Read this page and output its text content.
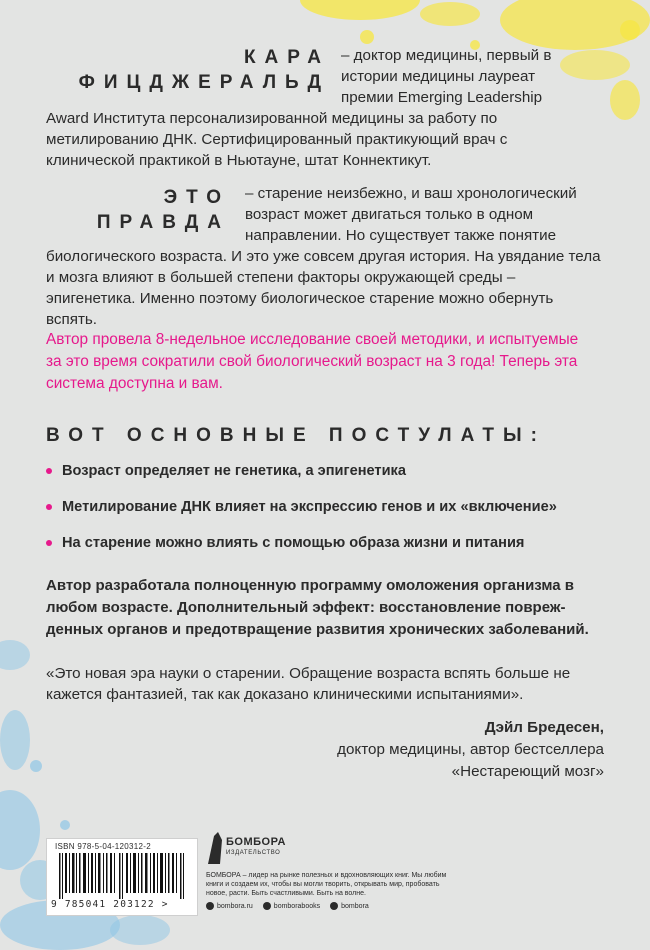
КАРА
ФИЦДЖЕРАЛЬД
– доктор медицины, первый в
истории медицины лауреат
премии Emerging Leadership

Award Института персонализированной медицины за работу по метилированию ДНК. Сертифицированный практикующий врач с клинической практикой в Ньютауне, штат Коннектикут.

ЭТО
ПРАВДА
– старение неизбежно, и ваш хронологический
возраст может двигаться только в одном
направлении. Но существует также понятие

биологического возраста. И это уже совсем другая история. На увядание тела и мозга влияют в большей степени факторы окружающей среды – эпигенетика. Именно поэтому биологическое старение можно обернуть вспять.

Автор провела 8-недельное исследование своей методики, и испытуемые за это время сократили свой биологический возраст на 3 года! Теперь эта система доступна и вам.

ВОТ ОСНОВНЫЕ ПОСТУЛАТЫ:
Возраст определяет не генетика, а эпигенетика
Метилирование ДНК влияет на экспрессию генов и их «включение»
На старение можно влиять с помощью образа жизни и питания

Автор разработала полноценную программу омоложения организма в любом возрасте. Дополнительный эффект: восстановление повреж-денных органов и предотвращение развития хронических заболеваний.

«Это новая эра науки о старении. Обращение возраста вспять больше не кажется фантазией, так как доказано клиническими испытаниями».

Дэйл Бредесен,
доктор медицины, автор бестселлера
«Нестареющий мозг»
ISBN 978-5-04-120312-2
9 785041 203122 >
БОМБОРА
ИЗДАТЕЛЬСТВО
БОМБОРА – лидер на рынке полезных и вдохновляющих книг. Мы любим книги и создаем их, чтобы вы могли творить, открывать мир, пробовать новое, расти. Быть счастливыми. Быть на волне.
bombora.ru	bomborabooks	bombora
